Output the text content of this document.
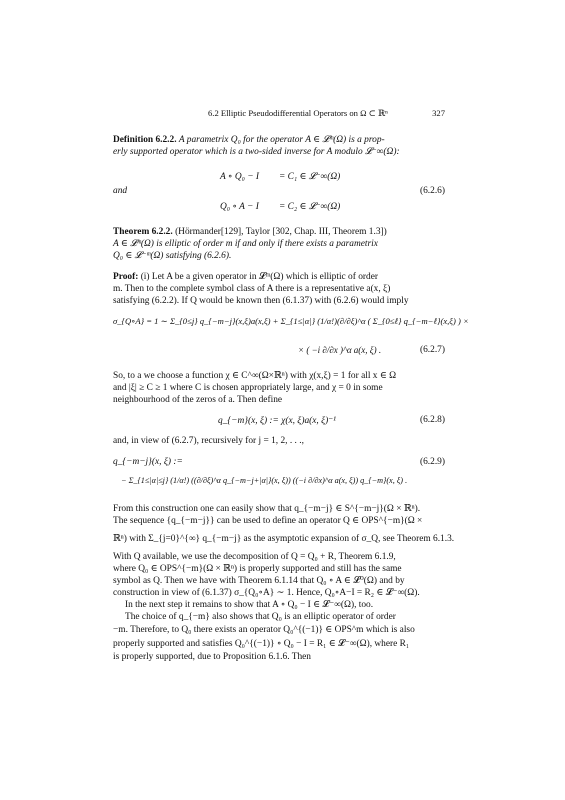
6.2 Elliptic Pseudodifferential Operators on Ω ⊂ ℝⁿ	327
Definition 6.2.2. A parametrix Q₀ for the operator A ∈ 𝓛ᵐ(Ω) is a prop-
erly supported operator which is a two-sided inverse for A modulo 𝓛⁻∞(Ω):
A ∘ Q₀ − I = C₁ ∈ 𝓛⁻∞(Ω)
and	(6.2.6)
Q₀ ∘ A − I = C₂ ∈ 𝓛⁻∞(Ω)
Theorem 6.2.2. (Hörmander[129], Taylor [302, Chap. III, Theorem 1.3])
A ∈ 𝓛ᵐ(Ω) is elliptic of order m if and only if there exists a parametrix
Q₀ ∈ 𝓛⁻ᵐ(Ω) satisfying (6.2.6).
Proof: (i) Let A be a given operator in 𝓛ᵐ(Ω) which is elliptic of order
m. Then to the complete symbol class of A there is a representative a(x, ξ)
satisfying (6.2.2). If Q would be known then (6.1.37) with (6.2.6) would imply
σ_{Q∘A} = 1 ∼ Σ_{0≤j} q_{−m−j}(x,ξ)a(x,ξ) + Σ_{1≤|α|} (1/α!)(∂/∂ξ)^α ( Σ_{0≤ℓ} q_{−m−ℓ}(x,ξ) ) ×
× ( −i ∂/∂x )^α a(x, ξ) .	(6.2.7)
So, to a we choose a function χ ∈ C^∞(Ω×ℝⁿ) with χ(x,ξ) = 1 for all x ∈ Ω
and |ξ| ≥ C ≥ 1 where C is chosen appropriately large, and χ = 0 in some
neighbourhood of the zeros of a. Then define
q_{−m}(x, ξ) := χ(x, ξ)a(x, ξ)⁻¹	(6.2.8)
and, in view of (6.2.7), recursively for j = 1, 2, . . .,
q_{−m−j}(x, ξ) :=	(6.2.9)
− Σ_{1≤|α|≤j} (1/α!) ((∂/∂ξ)^α q_{−m−j+|α|}(x, ξ)) ((−i ∂/∂x)^α a(x, ξ)) q_{−m}(x, ξ) .
From this construction one can easily show that q_{−m−j} ∈ S^{−m−j}(Ω × ℝⁿ).
The sequence {q_{−m−j}} can be used to define an operator Q ∈ OPS^{−m}(Ω ×
ℝⁿ) with Σ_{j=0}^{∞} q_{−m−j} as the asymptotic expansion of σ_Q, see Theorem 6.1.3.
With Q available, we use the decomposition of Q = Q₀ + R, Theorem 6.1.9,
where Q₀ ∈ OPS^{−m}(Ω × ℝⁿ) is properly supported and still has the same
symbol as Q. Then we have with Theorem 6.1.14 that Q₀ ∘ A ∈ 𝓛⁰(Ω) and by
construction in view of (6.1.37) σ_{Q₀∘A} ∼ 1. Hence, Q₀∘A−I = R₂ ∈ 𝓛⁻∞(Ω).
In the next step it remains to show that A ∘ Q₀ − I ∈ 𝓛⁻∞(Ω), too.
The choice of q_{−m} also shows that Q₀ is an elliptic operator of order
−m. Therefore, to Q₀ there exists an operator Q₀^{(−1)} ∈ OPS^m which is also
properly supported and satisfies Q₀^{(−1)} ∘ Q₀ − I = R₁ ∈ 𝓛⁻∞(Ω), where R₁
is properly supported, due to Proposition 6.1.6. Then
